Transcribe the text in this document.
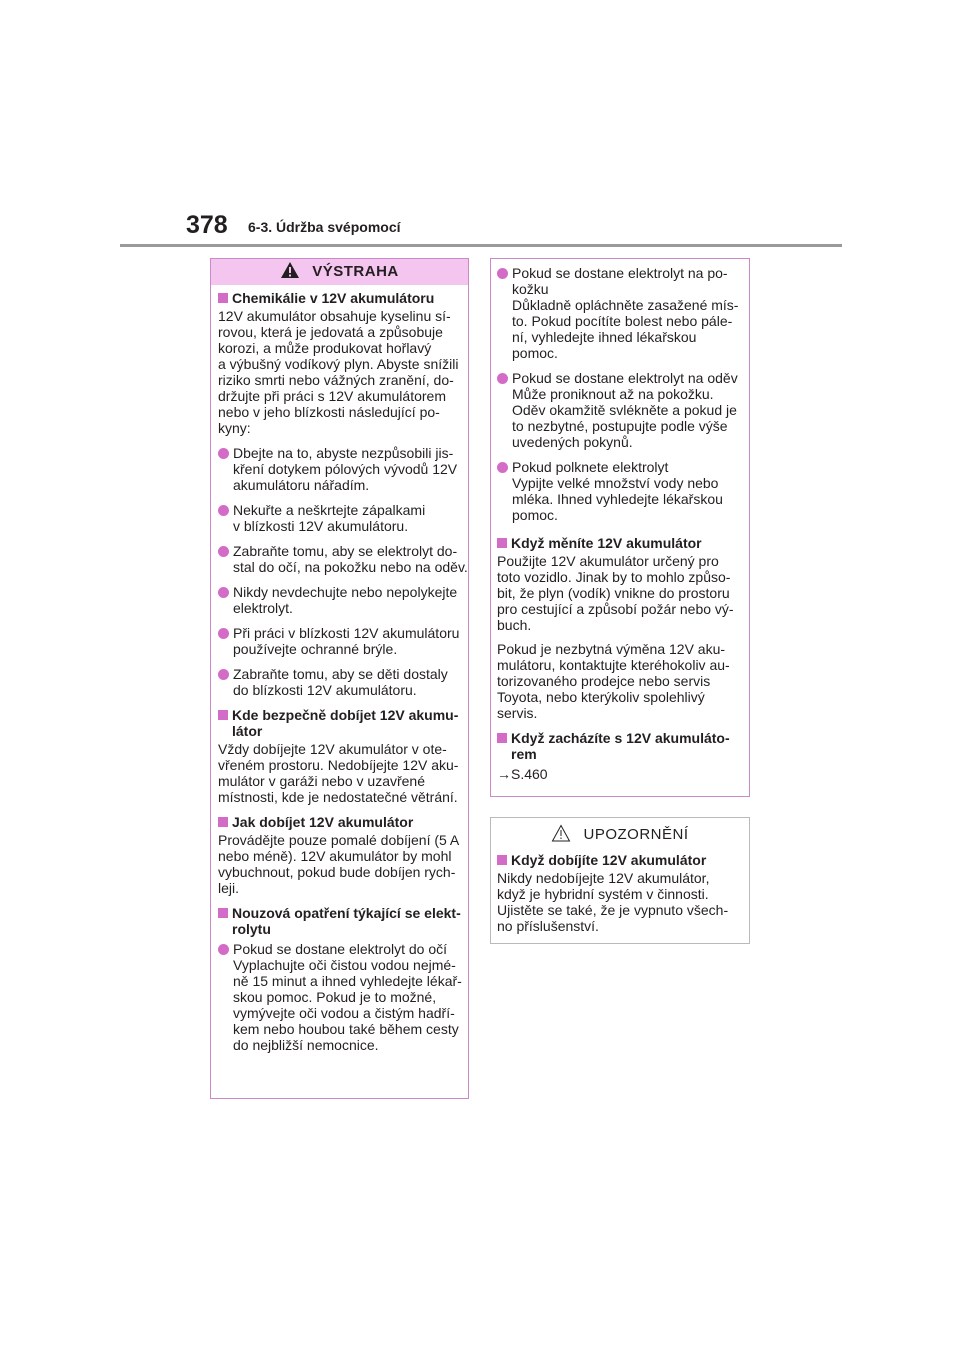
378 6-3. Údržba svépomocí
VÝSTRAHA
Chemikálie v 12V akumulátoru
12V akumulátor obsahuje kyselinu sí-
rovou, která je jedovatá a způsobuje
korozi, a může produkovat hořlavý
a výbušný vodíkový plyn. Abyste snížili
riziko smrti nebo vážných zranění, do-
držujte při práci s 12V akumulátorem
nebo v jeho blízkosti následující po-
kyny:
Dbejte na to, abyste nezpůsobili jis-
kření dotykem pólových vývodů 12V
akumulátoru nářadím.
Nekuřte a neškrtejte zápalkami
v blízkosti 12V akumulátoru.
Zabraňte tomu, aby se elektrolyt do-
stal do očí, na pokožku nebo na oděv.
Nikdy nevdechujte nebo nepolykejte
elektrolyt.
Při práci v blízkosti 12V akumulátoru
používejte ochranné brýle.
Zabraňte tomu, aby se děti dostaly
do blízkosti 12V akumulátoru.
Kde bezpečně dobíjet 12V akumu-
látor
Vždy dobíjejte 12V akumulátor v ote-
vřeném prostoru. Nedobíjejte 12V aku-
mulátor v garáži nebo v uzavřené
místnosti, kde je nedostatečné větrání.
Jak dobíjet 12V akumulátor
Provádějte pouze pomalé dobíjení (5 A
nebo méně). 12V akumulátor by mohl
vybuchnout, pokud bude dobíjen rych-
leji.
Nouzová opatření týkající se elekt-
rolytu
Pokud se dostane elektrolyt do očí
Vyplachujte oči čistou vodou nejmé-
ně 15 minut a ihned vyhledejte lékař-
skou pomoc. Pokud je to možné,
vymývejte oči vodou a čistým hadří-
kem nebo houbou také během cesty
do nejbližší nemocnice.
Pokud se dostane elektrolyt na po-
kožku
Důkladně opláchněte zasažené mís-
to. Pokud pocítíte bolest nebo pále-
ní, vyhledejte ihned lékařskou
pomoc.
Pokud se dostane elektrolyt na oděv
Může proniknout až na pokožku.
Oděv okamžitě svlékněte a pokud je
to nezbytné, postupujte podle výše
uvedených pokynů.
Pokud polknete elektrolyt
Vypijte velké množství vody nebo
mléka. Ihned vyhledejte lékařskou
pomoc.
Když měníte 12V akumulátor
Použijte 12V akumulátor určený pro
toto vozidlo. Jinak by to mohlo způso-
bit, že plyn (vodík) vnikne do prostoru
pro cestující a způsobí požár nebo vý-
buch.
Pokud je nezbytná výměna 12V aku-
mulátoru, kontaktujte kteréhokoliv au-
torizovaného prodejce nebo servis
Toyota, nebo kterýkoliv spolehlivý
servis.
Když zacházíte s 12V akumuláto-
rem
→S.460
UPOZORNĚNÍ
Když dobíjíte 12V akumulátor
Nikdy nedobíjejte 12V akumulátor,
když je hybridní systém v činnosti.
Ujistěte se také, že je vypnuto všech-
no příslušenství.
